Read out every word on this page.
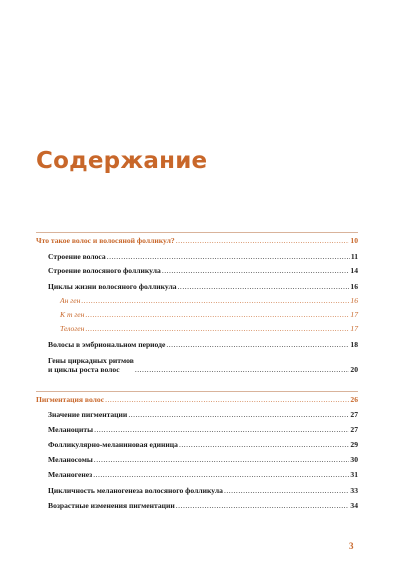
Содержание
Что такое волос и волосяной фолликул? .....	10
Строение волоса .....	11
Строение волосяного фолликула .....	14
Циклы жизни волосяного фолликула .....	16
Ан ген .....	16
К т ген .....	17
Телоген .....	17
Волосы в эмбриональном периоде .....	18
Гены циркадных ритмов
и циклы роста волос .....	20
Пигментация волос .....	26
Значение пигментации .....	27
Меланоциты .....	27
Фолликулярно-меланиновая единица .....	29
Меланосомы .....	30
Меланогенез .....	31
Цикличность меланогенеза волосяного фолликула .....	33
Возрастные изменения пигментации .....	34
3
